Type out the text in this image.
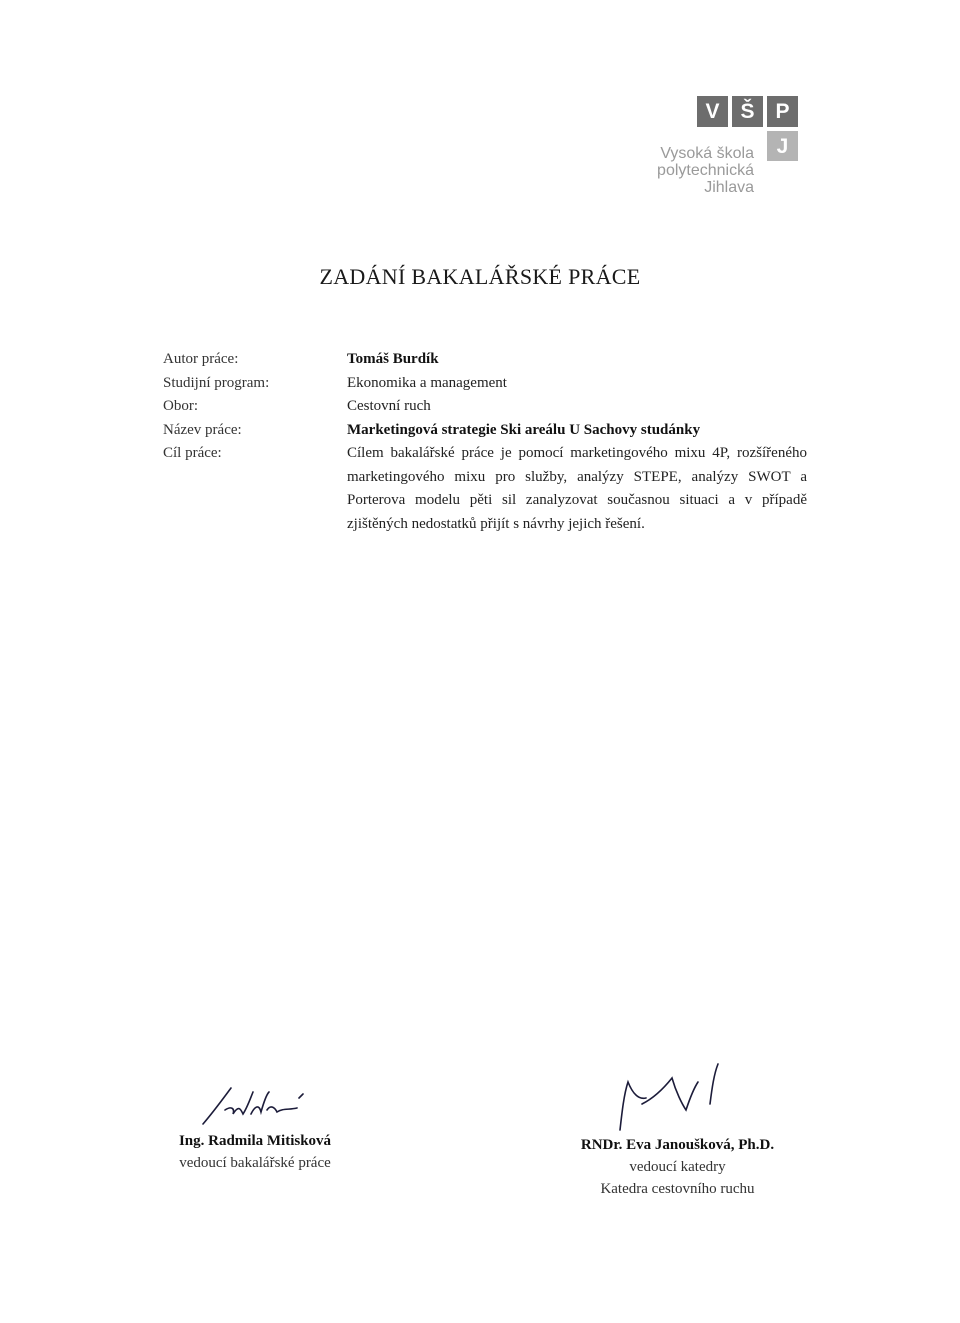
V Š P
J
Vysoká škola
polytechnická
Jihlava
ZADÁNÍ BAKALÁŘSKÉ PRÁCE
Autor práce:	Tomáš Burdík
Studijní program:	Ekonomika a management
Obor:	Cestovní ruch
Název práce:	Marketingová strategie Ski areálu U Sachovy studánky
Cíl práce:	Cílem bakalářské práce je pomocí marketingového mixu 4P, rozšířeného marketingového mixu pro služby, analýzy STEPE, analýzy SWOT a Porterova modelu pěti sil zanalyzovat současnou situaci a v případě zjištěných nedostatků přijít s návrhy jejich řešení.
Ing. Radmila Mitisková
vedoucí bakalářské práce
RNDr. Eva Janoušková, Ph.D.
vedoucí katedry
Katedra cestovního ruchu
